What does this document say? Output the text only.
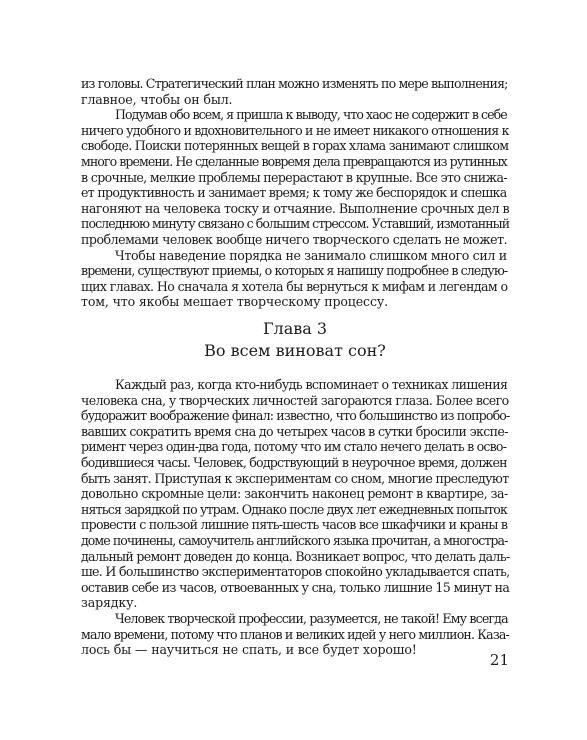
из головы. Стратегический план можно изменять по мере выполнения;
главное, чтобы он был.
Подумав обо всем, я пришла к выводу, что хаос не содержит в себе
ничего удобного и вдохновительного и не имеет никакого отношения к
свободе. Поиски потерянных вещей в горах хлама занимают слишком
много времени. Не сделанные вовремя дела превращаются из рутинных
в срочные, мелкие проблемы перерастают в крупные. Все это снижа-
ет продуктивность и занимает время; к тому же беспорядок и спешка
нагоняют на человека тоску и отчаяние. Выполнение срочных дел в
последнюю минуту связано с большим стрессом. Уставший, измотанный
проблемами человек вообще ничего творческого сделать не может.
Чтобы наведение порядка не занимало слишком много сил и
времени, существуют приемы, о которых я напишу подробнее в следую-
щих главах. Но сначала я хотела бы вернуться к мифам и легендам о
том, что якобы мешает творческому процессу.
Глава 3
Во всем виноват сон?
Каждый раз, когда кто-нибудь вспоминает о техниках лишения
человека сна, у творческих личностей загораются глаза. Более всего
будоражит воображение финал: известно, что большинство из попробо-
вавших сократить время сна до четырех часов в сутки бросили экспе-
римент через один-два года, потому что им стало нечего делать в осво-
бодившиеся часы. Человек, бодрствующий в неурочное время, должен
быть занят. Приступая к экспериментам со сном, многие преследуют
довольно скромные цели: закончить наконец ремонт в квартире, за-
няться зарядкой по утрам. Однако после двух лет ежедневных попыток
провести с пользой лишние пять-шесть часов все шкафчики и краны в
доме починены, самоучитель английского языка прочитан, а многостра-
дальный ремонт доведен до конца. Возникает вопрос, что делать даль-
ше. И большинство экспериментаторов спокойно укладывается спать,
оставив себе из часов, отвоеванных у сна, только лишние 15 минут на
зарядку.
Человек творческой профессии, разумеется, не такой! Ему всегда
мало времени, потому что планов и великих идей у него миллион. Каза-
лось бы — научиться не спать, и все будет хорошо!
21
